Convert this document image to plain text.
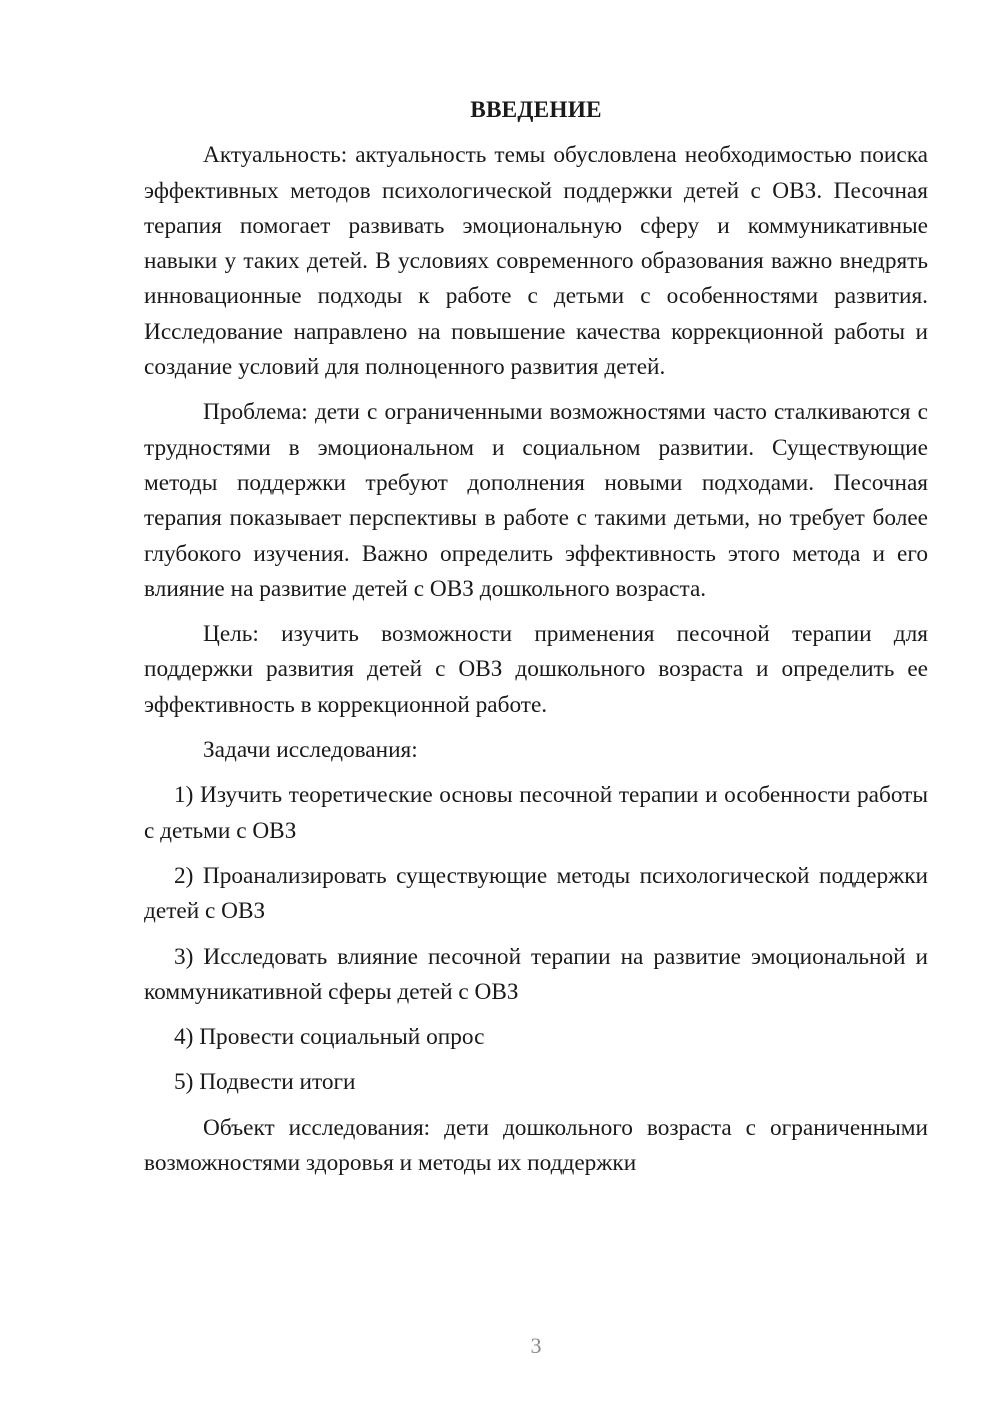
ВВЕДЕНИЕ

Актуальность: актуальность темы обусловлена необходимостью поиска эффективных методов психологической поддержки детей с ОВЗ. Песочная терапия помогает развивать эмоциональную сферу и коммуникативные навыки у таких детей. В условиях современного образования важно внедрять инновационные подходы к работе с детьми с особенностями развития. Исследование направлено на повышение качества коррекционной работы и создание условий для полноценного развития детей.

Проблема: дети с ограниченными возможностями часто сталкиваются с трудностями в эмоциональном и социальном развитии. Существующие методы поддержки требуют дополнения новыми подходами. Песочная терапия показывает перспективы в работе с такими детьми, но требует более глубокого изучения. Важно определить эффективность этого метода и его влияние на развитие детей с ОВЗ дошкольного возраста.

Цель: изучить возможности применения песочной терапии для поддержки развития детей с ОВЗ дошкольного возраста и определить ее эффективность в коррекционной работе.

Задачи исследования:

1) Изучить теоретические основы песочной терапии и особенности работы с детьми с ОВЗ

2) Проанализировать существующие методы психологической поддержки детей с ОВЗ

3) Исследовать влияние песочной терапии на развитие эмоциональной и коммуникативной сферы детей с ОВЗ

4) Провести социальный опрос

5) Подвести итоги

Объект исследования: дети дошкольного возраста с ограниченными возможностями здоровья и методы их поддержки

3
